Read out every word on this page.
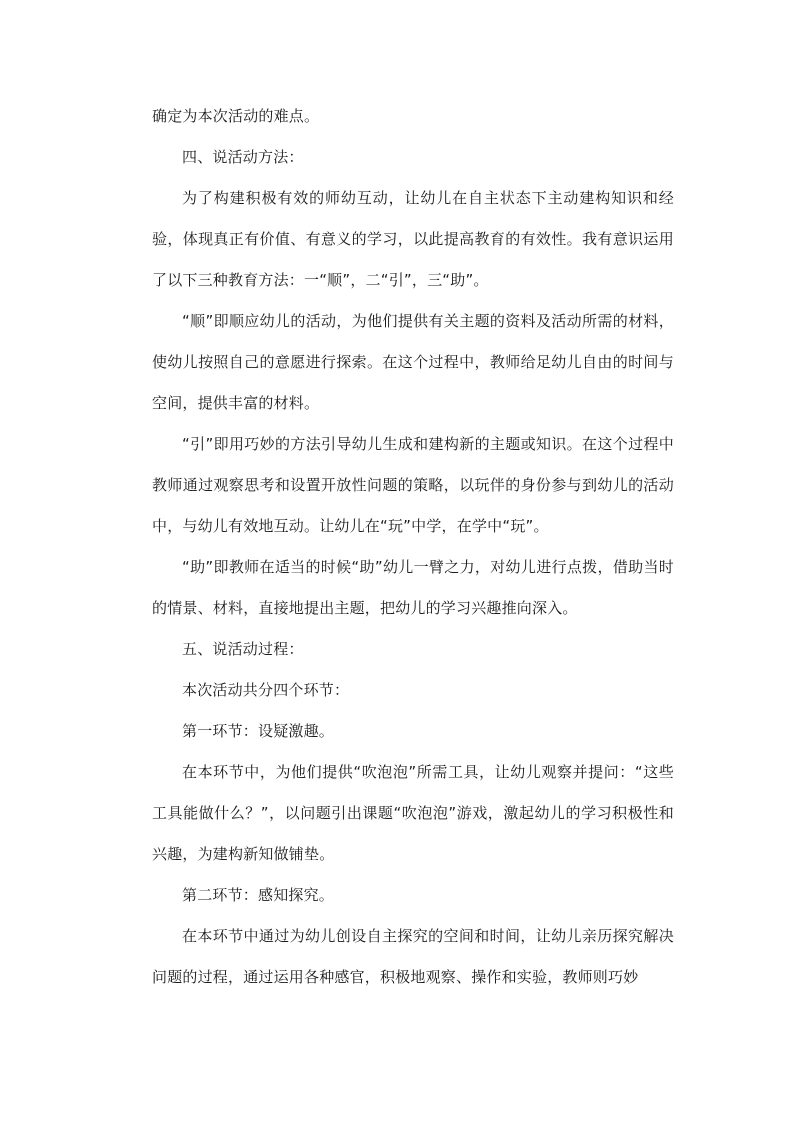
确定为本次活动的难点。

四、说活动方法：

为了构建积极有效的师幼互动，让幼儿在自主状态下主动建构知识和经验，体现真正有价值、有意义的学习，以此提高教育的有效性。我有意识运用了以下三种教育方法：一“顺”，二“引”，三“助”。

“顺”即顺应幼儿的活动，为他们提供有关主题的资料及活动所需的材料，使幼儿按照自己的意愿进行探索。在这个过程中，教师给足幼儿自由的时间与空间，提供丰富的材料。

“引”即用巧妙的方法引导幼儿生成和建构新的主题或知识。在这个过程中教师通过观察思考和设置开放性问题的策略，以玩伴的身份参与到幼儿的活动中，与幼儿有效地互动。让幼儿在“玩”中学，在学中“玩”。

“助”即教师在适当的时候“助”幼儿一臂之力，对幼儿进行点拨，借助当时的情景、材料，直接地提出主题，把幼儿的学习兴趣推向深入。

五、说活动过程：

本次活动共分四个环节：

第一环节：设疑激趣。

在本环节中，为他们提供“吹泡泡”所需工具，让幼儿观察并提问：“这些工具能做什么？”，以问题引出课题“吹泡泡”游戏，激起幼儿的学习积极性和兴趣，为建构新知做铺垫。

第二环节：感知探究。

在本环节中通过为幼儿创设自主探究的空间和时间，让幼儿亲历探究解决问题的过程，通过运用各种感官，积极地观察、操作和实验，教师则巧妙
